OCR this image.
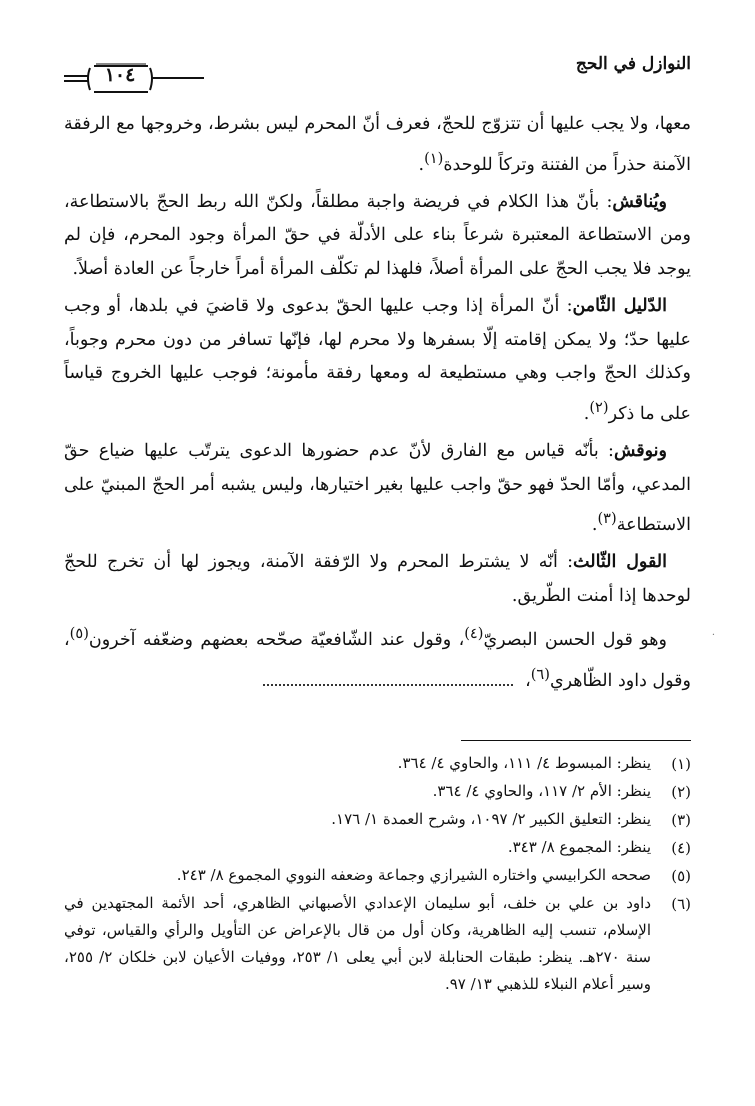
النوازل في الحج
١٠٤

معها، ولا يجب عليها أن تتزوّج للحجّ، فعرف أنّ المحرم ليس بشرط، وخروجها مع الرفقة الآمنة حذراً من الفتنة وتركاً للوحدة$^{(١)}$.

ويُناقش: بأنّ هذا الكلام في فريضة واجبة مطلقاً، ولكنّ الله ربط الحجّ بالاستطاعة، ومن الاستطاعة المعتبرة شرعاً بناء على الأدلّة في حقّ المرأة وجود المحرم، فإن لم يوجد فلا يجب الحجّ على المرأة أصلاً، فلهذا لم تكلّف المرأة أمراً خارجاً عن العادة أصلاً.

الدّليل الثّامن: أنّ المرأة إذا وجب عليها الحقّ بدعوى ولا قاضيَ في بلدها، أو وجب عليها حدّ؛ ولا يمكن إقامته إلّا بسفرها ولا محرم لها، فإنّها تسافر من دون محرم وجوباً، وكذلك الحجّ واجب وهي مستطيعة له ومعها رفقة مأمونة؛ فوجب عليها الخروج قياساً على ما ذكر$^{(٢)}$.

ونوقش: بأنّه قياس مع الفارق لأنّ عدم حضورها الدعوى يترتّب عليها ضياع حقّ المدعي، وأمّا الحدّ فهو حقّ واجب عليها بغير اختيارها، وليس يشبه أمر الحجّ المبنيّ على الاستطاعة$^{(٣)}$.

القول الثّالث: أنّه لا يشترط المحرم ولا الرّفقة الآمنة، ويجوز لها أن تخرج للحجّ لوحدها إذا أمنت الطّريق.

وهو قول الحسن البصريّ$^{(٤)}$، وقول عند الشّافعيّة صحّحه بعضهم وضعّفه آخرون$^{(٥)}$، وقول داود الظّاهري$^{(٦)}$،

·
(١)
ينظر: المبسوط ٤/ ١١١، والحاوي ٤/ ٣٦٤.
(٢)
ينظر: الأم ٢/ ١١٧، والحاوي ٤/ ٣٦٤.
(٣)
ينظر: التعليق الكبير ٢/ ١٠٩٧، وشرح العمدة ١/ ١٧٦.
(٤)
ينظر: المجموع ٨/ ٣٤٣.
(٥)
صححه الكرابيسي واختاره الشيرازي وجماعة وضعفه النووي المجموع ٨/ ٢٤٣.
(٦)
داود بن علي بن خلف، أبو سليمان الإعدادي الأصبهاني الظاهري، أحد الأئمة المجتهدين في الإسلام، تنسب إليه الظاهرية، وكان أول من قال بالإعراض عن التأويل والرأي والقياس، توفي سنة ٢٧٠هـ. ينظر: طبقات الحنابلة لابن أبي يعلى ١/ ٢٥٣، ووفيات الأعيان لابن خلكان ٢/ ٢٥٥، وسير أعلام النبلاء للذهبي ١٣/ ٩٧.
